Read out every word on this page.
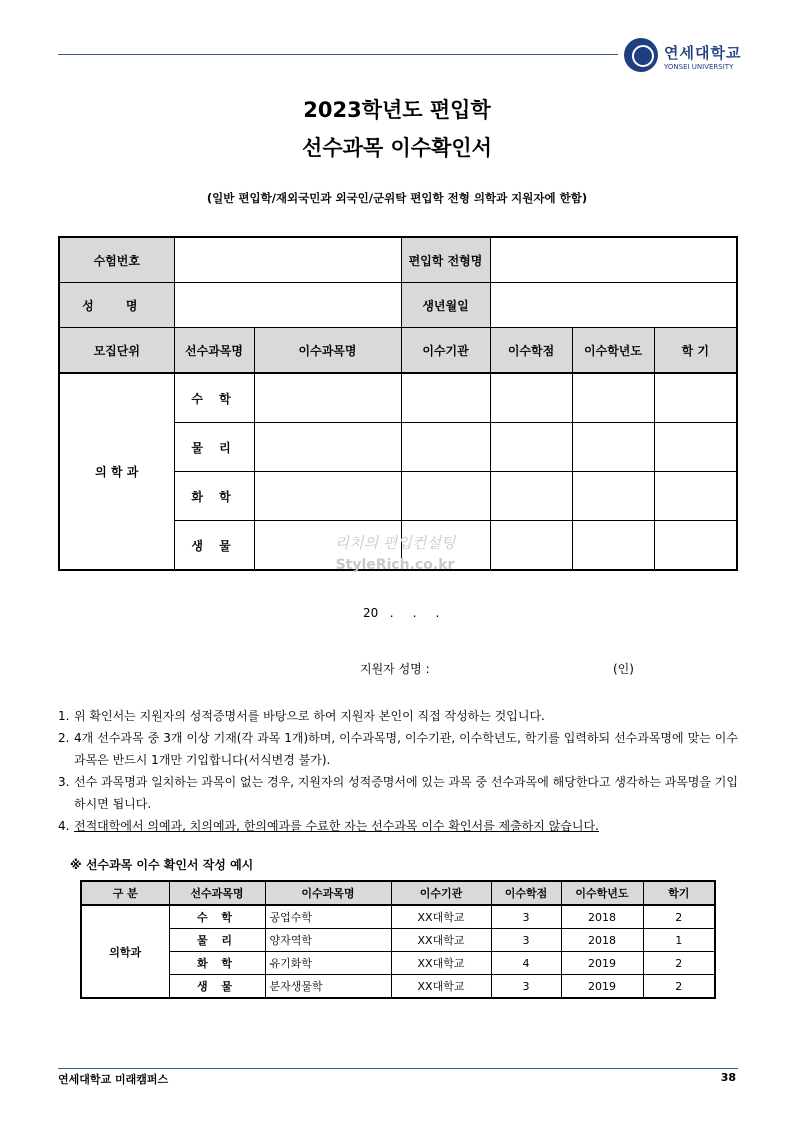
연세대학교
YONSEI UNIVERSITY
2023학년도 편입학
선수과목 이수확인서
(일반 편입학/재외국민과 외국인/군위탁 편입학 전형 의학과 지원자에 한함)
수험번호			편입학 전형명			
성 명			생년월일			
모집단위	선수과목명	이수과목명	이수기관	이수학점	이수학년도	학 기
의 학 과	수 학					
	물 리					
	화 학					
	생 물						리치의 편입컨설팅
StyleRich.co.kr
20   .     .     .
지원자 성명 :	(인)
1. 위 확인서는 지원자의 성적증명서를 바탕으로 하여 지원자 본인이 직접 작성하는 것입니다.
2. 4개 선수과목 중 3개 이상 기재(각 과목 1개)하며, 이수과목명, 이수기관, 이수학년도, 학기를 입력하되 선수과목명에 맞는 이수과목은 반드시 1개만 기입합니다(서식변경 불가).
3. 선수 과목명과 일치하는 과목이 없는 경우, 지원자의 성적증명서에 있는 과목 중 선수과목에 해당한다고 생각하는 과목명을 기입하시면 됩니다.
4. 전적대학에서 의예과, 치의예과, 한의예과를 수료한 자는 선수과목 이수 확인서를 제출하지 않습니다.
※ 선수과목 이수 확인서 작성 예시
구 분	선수과목명	이수과목명	이수기관	이수학점	이수학년도	학기
의학과	수 학	공업수학	XX대학교	3	2018	2
	물 리	양자역학	XX대학교	3	2018	1
	화 학	유기화학	XX대학교	4	2019	2
	생 물	분자생물학	XX대학교	3	2019	2
연세대학교 미래캠퍼스	38
